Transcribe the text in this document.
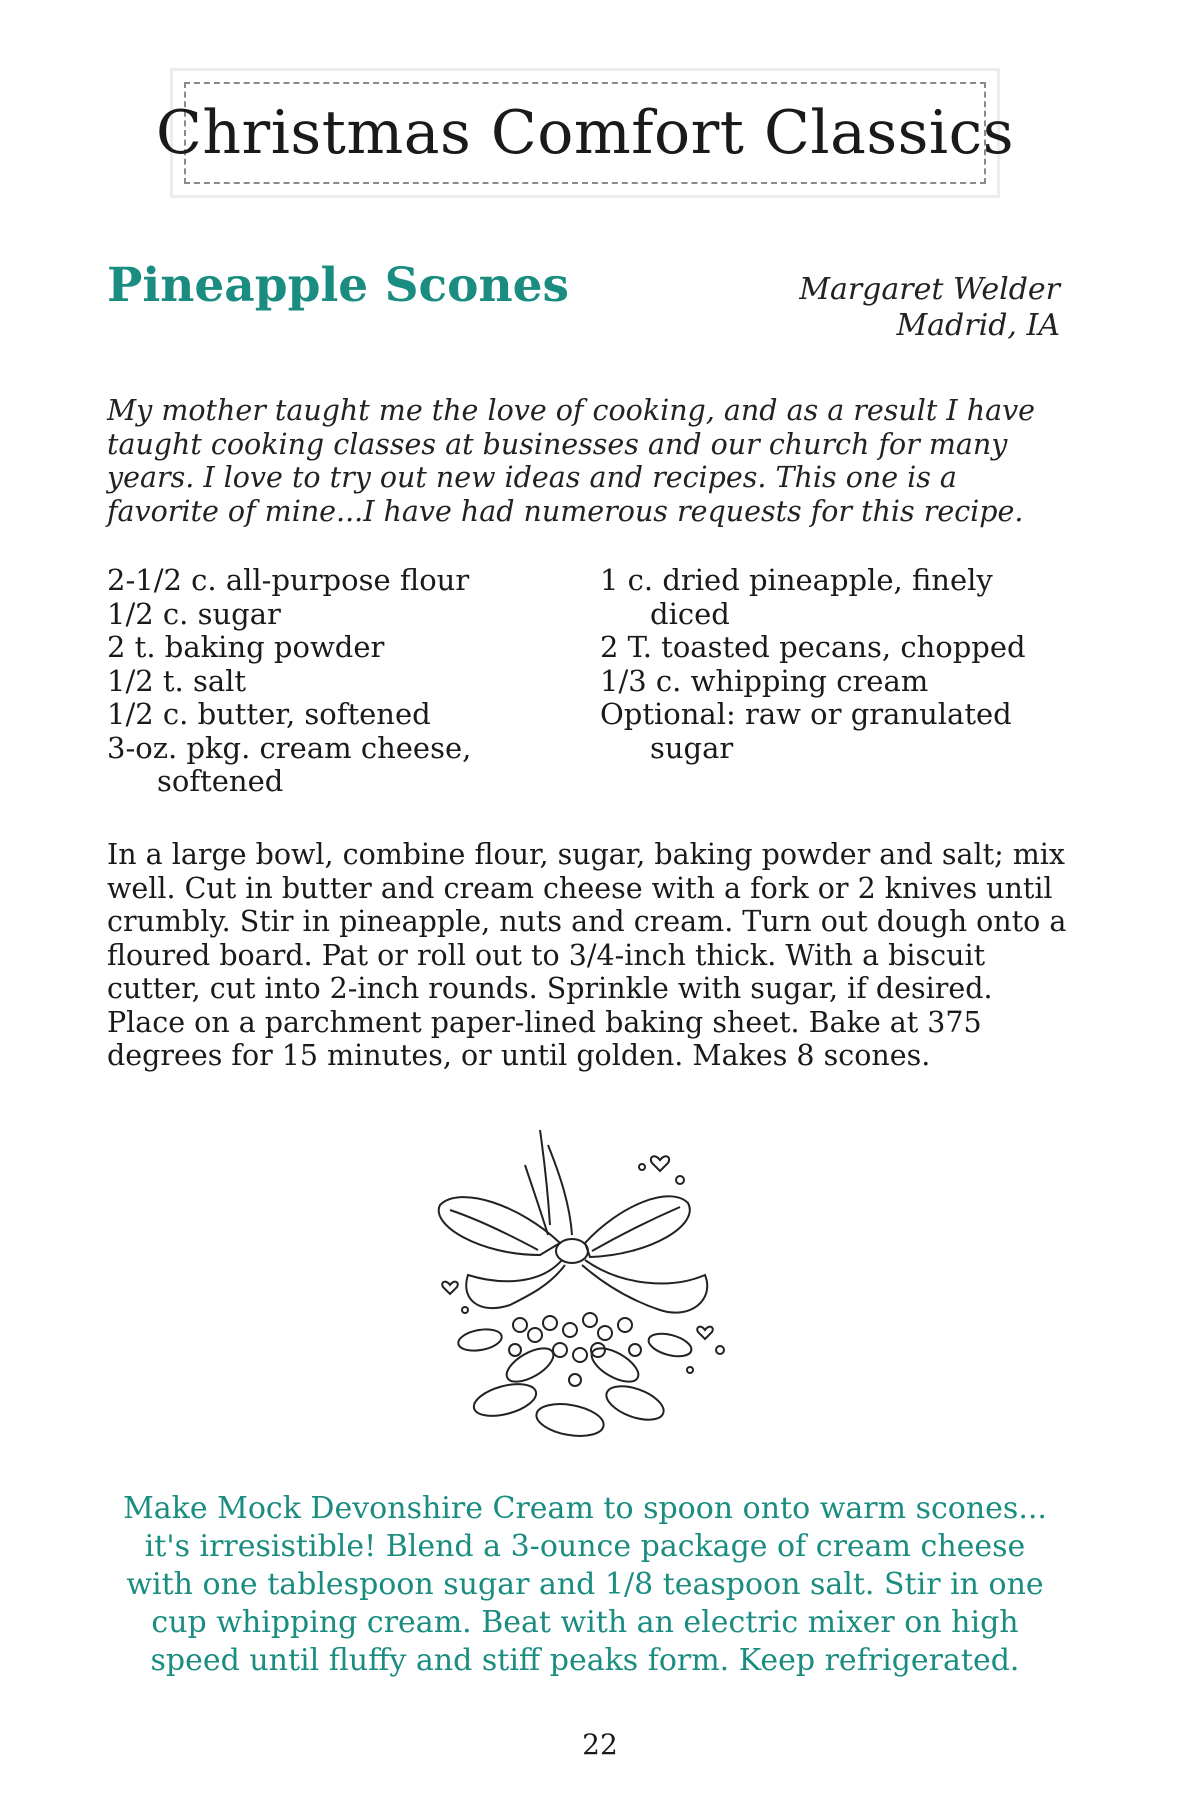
Christmas Comfort Classics
Pineapple Scones	Margaret Welder
Madrid, IA

My mother taught me the love of cooking, and as a result I have taught cooking classes at businesses and our church for many years. I love to try out new ideas and recipes. This one is a favorite of mine...I have had numerous requests for this recipe.

2-1/2 c. all-purpose flour
1/2 c. sugar
2 t. baking powder
1/2 t. salt
1/2 c. butter, softened
3-oz. pkg. cream cheese, softened
1 c. dried pineapple, finely diced
2 T. toasted pecans, chopped
1/3 c. whipping cream
Optional: raw or granulated sugar

In a large bowl, combine flour, sugar, baking powder and salt; mix well. Cut in butter and cream cheese with a fork or 2 knives until crumbly. Stir in pineapple, nuts and cream. Turn out dough onto a floured board. Pat or roll out to 3/4-inch thick. With a biscuit cutter, cut into 2-inch rounds. Sprinkle with sugar, if desired. Place on a parchment paper-lined baking sheet. Bake at 375 degrees for 15 minutes, or until golden. Makes 8 scones.

Make Mock Devonshire Cream to spoon onto warm scones... it's irresistible! Blend a 3-ounce package of cream cheese with one tablespoon sugar and 1/8 teaspoon salt. Stir in one cup whipping cream. Beat with an electric mixer on high speed until fluffy and stiff peaks form. Keep refrigerated.

22
